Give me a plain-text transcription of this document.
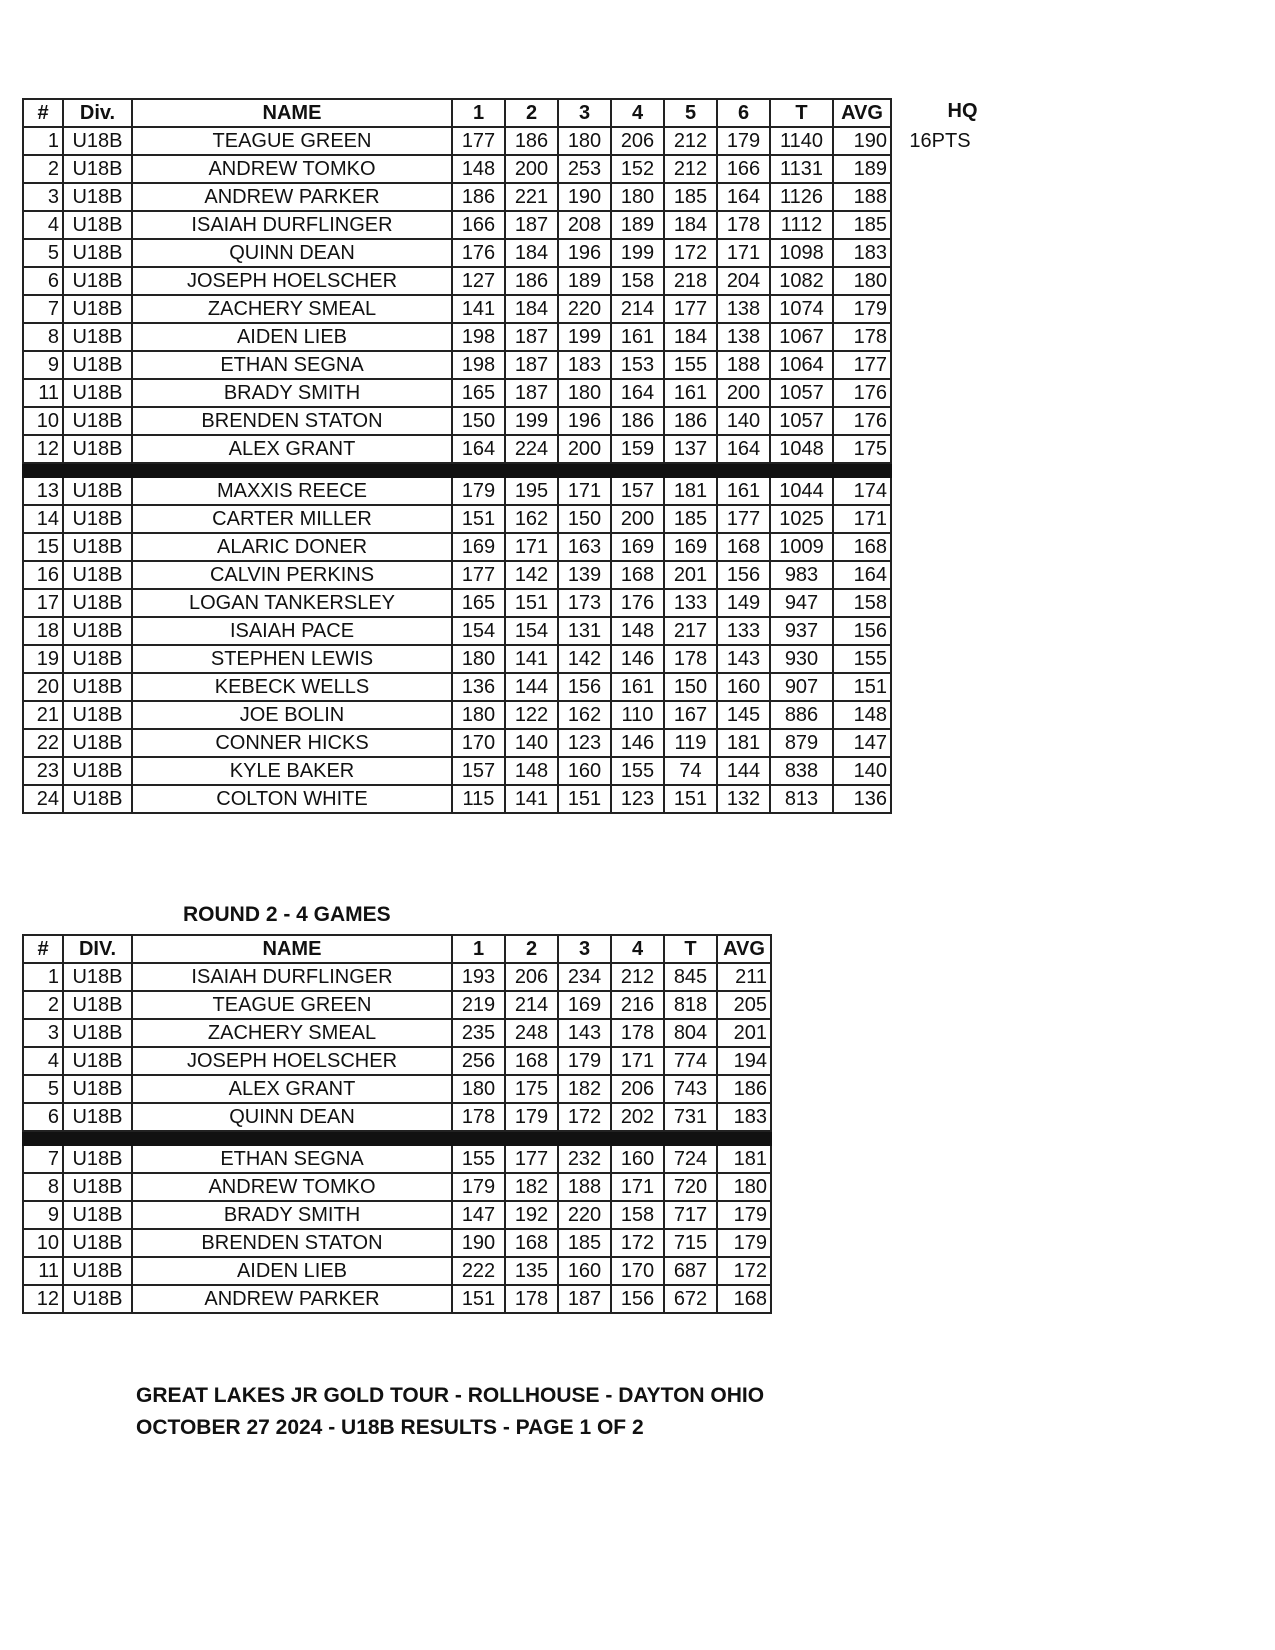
#	Div.	NAME	1	2	3	4	5	6	T	AVG
1	U18B	TEAGUE GREEN	177	186	180	206	212	179	1140	190
2	U18B	ANDREW TOMKO	148	200	253	152	212	166	1131	189
3	U18B	ANDREW PARKER	186	221	190	180	185	164	1126	188
4	U18B	ISAIAH DURFLINGER	166	187	208	189	184	178	1112	185
5	U18B	QUINN DEAN	176	184	196	199	172	171	1098	183
6	U18B	JOSEPH HOELSCHER	127	186	189	158	218	204	1082	180
7	U18B	ZACHERY SMEAL	141	184	220	214	177	138	1074	179
8	U18B	AIDEN LIEB	198	187	199	161	184	138	1067	178
9	U18B	ETHAN SEGNA	198	187	183	153	155	188	1064	177
11	U18B	BRADY SMITH	165	187	180	164	161	200	1057	176
10	U18B	BRENDEN STATON	150	199	196	186	186	140	1057	176
12	U18B	ALEX GRANT	164	224	200	159	137	164	1048	175

13	U18B	MAXXIS REECE	179	195	171	157	181	161	1044	174
14	U18B	CARTER MILLER	151	162	150	200	185	177	1025	171
15	U18B	ALARIC DONER	169	171	163	169	169	168	1009	168
16	U18B	CALVIN PERKINS	177	142	139	168	201	156	983	164
17	U18B	LOGAN TANKERSLEY	165	151	173	176	133	149	947	158
18	U18B	ISAIAH PACE	154	154	131	148	217	133	937	156
19	U18B	STEPHEN LEWIS	180	141	142	146	178	143	930	155
20	U18B	KEBECK WELLS	136	144	156	161	150	160	907	151
21	U18B	JOE BOLIN	180	122	162	110	167	145	886	148
22	U18B	CONNER HICKS	170	140	123	146	119	181	879	147
23	U18B	KYLE BAKER	157	148	160	155	74	144	838	140
24	U18B	COLTON WHITE	115	141	151	123	151	132	813	136
HQ
16PTS
ROUND 2 - 4 GAMES
#	DIV.	NAME	1	2	3	4	T	AVG
1	U18B	ISAIAH DURFLINGER	193	206	234	212	845	211
2	U18B	TEAGUE GREEN	219	214	169	216	818	205
3	U18B	ZACHERY SMEAL	235	248	143	178	804	201
4	U18B	JOSEPH HOELSCHER	256	168	179	171	774	194
5	U18B	ALEX GRANT	180	175	182	206	743	186
6	U18B	QUINN DEAN	178	179	172	202	731	183

7	U18B	ETHAN SEGNA	155	177	232	160	724	181
8	U18B	ANDREW TOMKO	179	182	188	171	720	180
9	U18B	BRADY SMITH	147	192	220	158	717	179
10	U18B	BRENDEN STATON	190	168	185	172	715	179
11	U18B	AIDEN LIEB	222	135	160	170	687	172
12	U18B	ANDREW PARKER	151	178	187	156	672	168
GREAT LAKES JR GOLD TOUR - ROLLHOUSE - DAYTON OHIO
OCTOBER 27 2024 - U18B RESULTS - PAGE 1 OF 2
